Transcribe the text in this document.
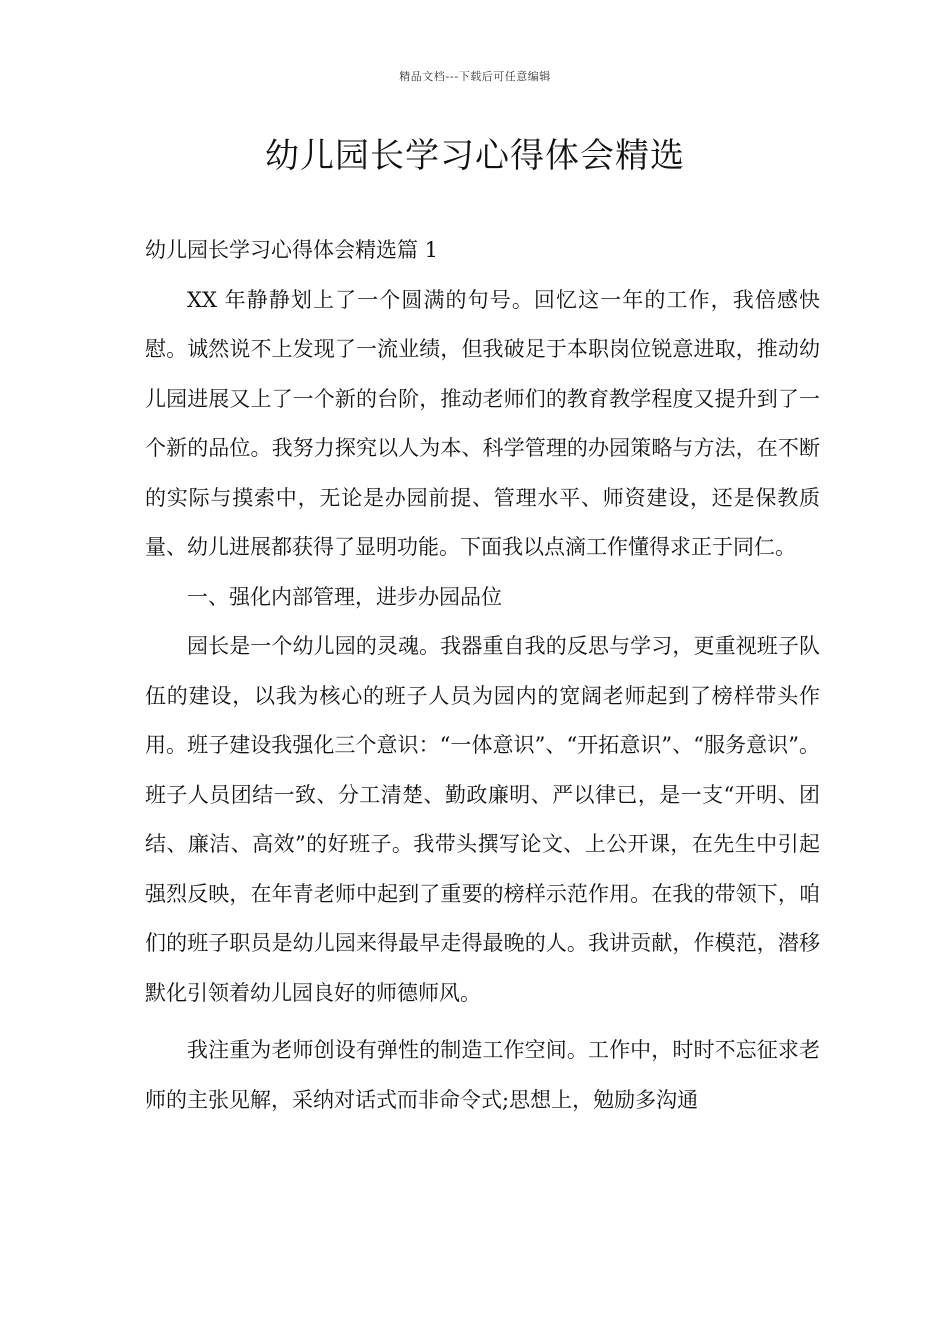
精品文档---下载后可任意编辑
幼儿园长学习心得体会精选

幼儿园长学习心得体会精选篇 1

XX 年静静划上了一个圆满的句号。回忆这一年的工作，我倍感快慰。诚然说不上发现了一流业绩，但我破足于本职岗位锐意进取，推动幼儿园进展又上了一个新的台阶，推动老师们的教育教学程度又提升到了一个新的品位。我努力探究以人为本、科学管理的办园策略与方法，在不断的实际与摸索中，无论是办园前提、管理水平、师资建设，还是保教质量、幼儿进展都获得了显明功能。下面我以点滴工作懂得求正于同仁。

一、强化内部管理，进步办园品位

园长是一个幼儿园的灵魂。我器重自我的反思与学习，更重视班子队伍的建设，以我为核心的班子人员为园内的宽阔老师起到了榜样带头作用。班子建设我强化三个意识：“一体意识”、“开拓意识”、“服务意识”。班子人员团结一致、分工清楚、勤政廉明、严以律已，是一支“开明、团结、廉洁、高效”的好班子。我带头撰写论文、上公开课，在先生中引起强烈反映，在年青老师中起到了重要的榜样示范作用。在我的带领下，咱们的班子职员是幼儿园来得最早走得最晚的人。我讲贡献，作模范，潜移默化引领着幼儿园良好的师德师风。

我注重为老师创设有弹性的制造工作空间。工作中，时时不忘征求老师的主张见解，采纳对话式而非命令式;思想上，勉励多沟通
